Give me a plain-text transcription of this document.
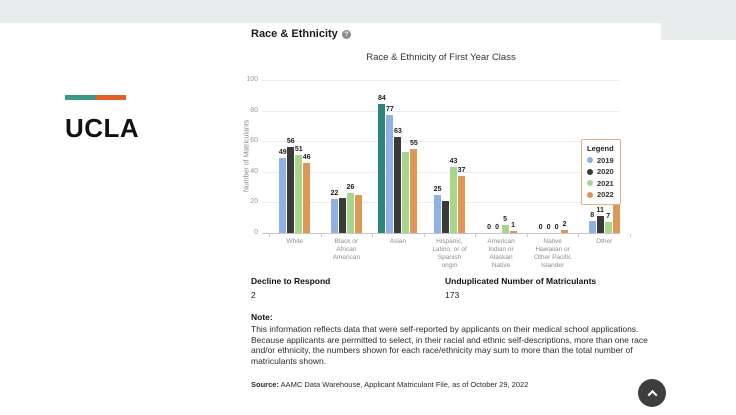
UCLA
Race & Ethnicity	?
Race & Ethnicity of First Year Class
Number of Matriculants	Legend
2019
2020
2021
2022
0
20
40
60
80
100
49
56
51
46
White
22
26
Black or
African
American
84
77
63
55
Asian
25
43
37
Hispanic,
Latino, or of
Spanish
origin
0 0
5
1
American
Indian or
Alaskan
Native
0 0 0 2
Native
Hawaiian or
Other Pacific
Islander
8
11
7
Other
Decline to Respond
2
Unduplicated Number of Matriculants
173
Note:
This information reflects data that were self-reported by applicants on their medical school applications. Because applicants are permitted to select, in their racial and ethnic self-descriptions, more than one race and/or ethnicity, the numbers shown for each race/ethnicity may sum to more than the total number of matriculants shown.
Source: AAMC Data Warehouse, Applicant Matriculant File, as of October 29, 2022
